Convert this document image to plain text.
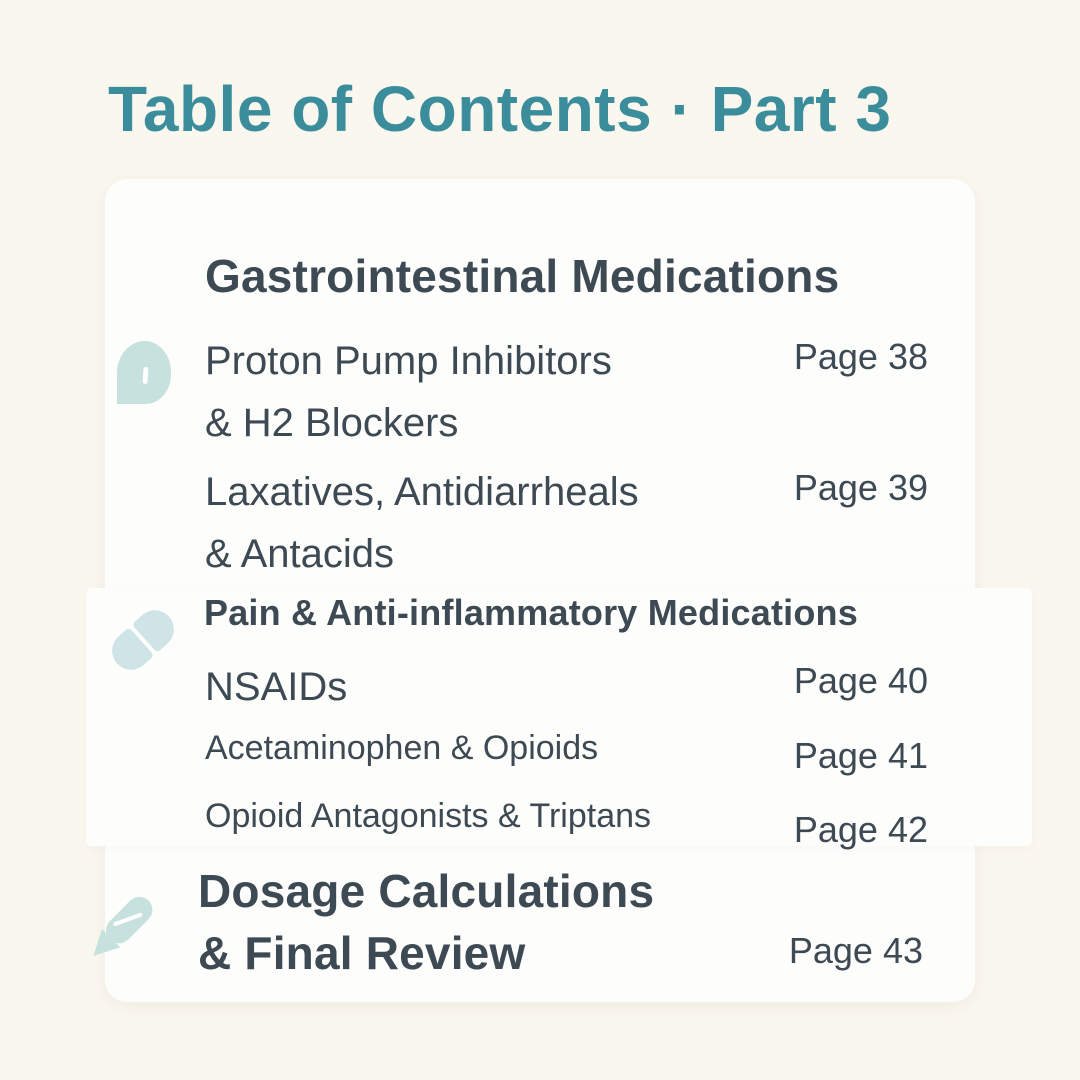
Table of Contents · Part 3
Gastrointestinal Medications
Proton Pump Inhibitors
& H2 Blockers
Page 38
Laxatives, Antidiarrheals
& Antacids
Page 39
Pain & Anti-inflammatory Medications
NSAIDs	Page 40
Acetaminophen & Opioids	Page 41
Opioid Antagonists & Triptans	Page 42
Dosage Calculations
& Final Review	Page 43
